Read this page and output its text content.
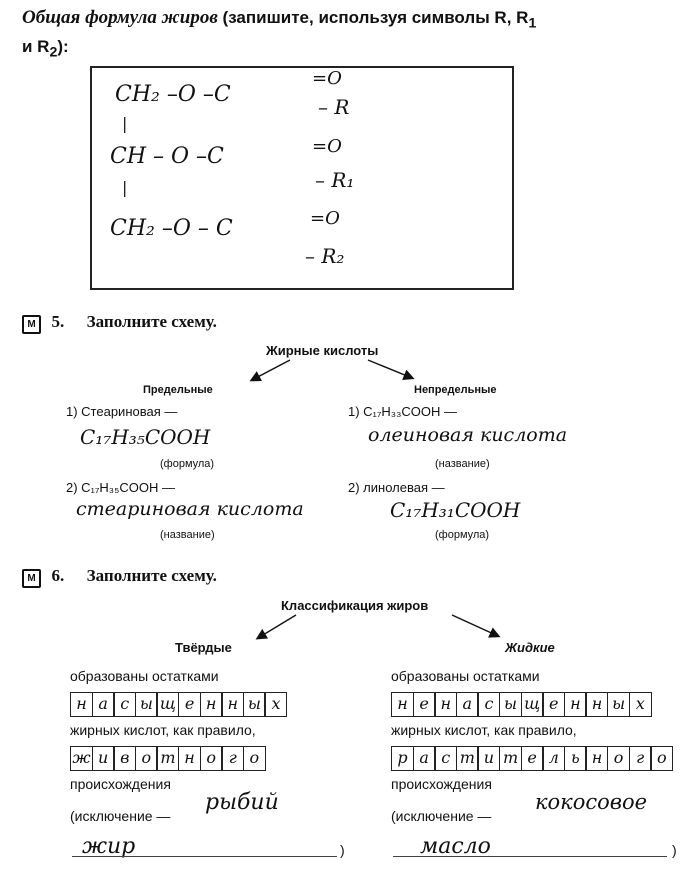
Общая формула жиров (запишите, используя символы R, $R_1$
и $R_2$):
CH₂ –O –C
=O
– R
|
CH – O –C	=O
– R₁
|
CH₂ –O – C	=O
– R₂
М 5. Заполните схему.
Жирные кислоты
Предельные	Непредельные
1) Стеариновая —
C₁₇H₃₅COOH
(формула)
2) C₁₇H₃₅COOH —
стеариновая кислота
(название)
1) C₁₇H₃₃COOH —
олеиновая кислота
(название)
2) линолевая —
C₁₇H₃₁COOH
(формула)
М 6. Заполните схему.
Классификация жиров
Твёрдые	Жидкие
образованы остатками
н а с ы щ е н н ы х
жирных кислот, как правило,
ж и в о т н о г о
происхождения
(исключение —
рыбий
жир	)
образованы остатками
н е н а с ы щ е н н ы х
жирных кислот, как правило,
р а с т и т е л ь н о г о
происхождения
(исключение —
кокосовое
масло	)
